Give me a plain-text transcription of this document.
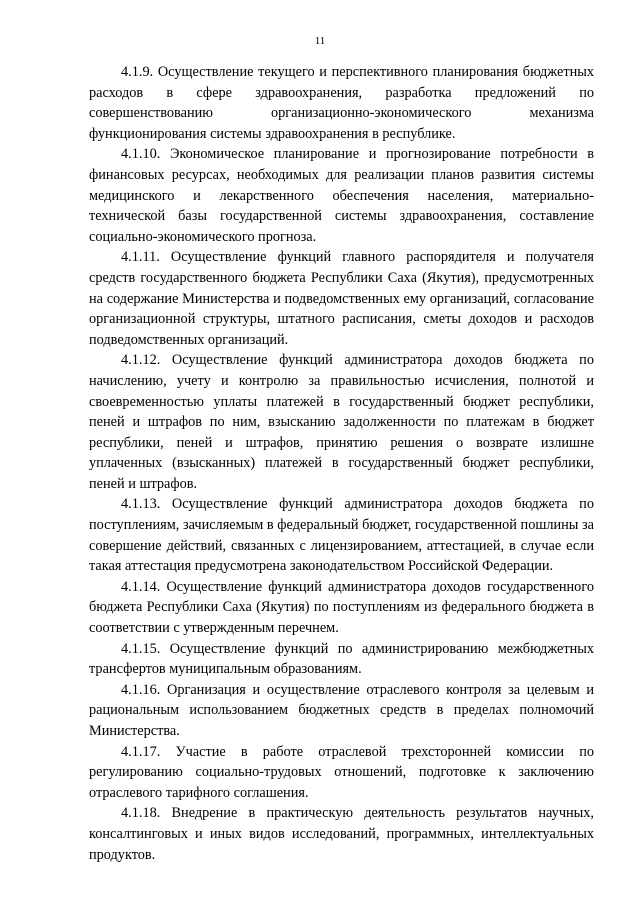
11

4.1.9. Осуществление текущего и перспективного планирования бюджетных расходов в сфере здравоохранения, разработка предложений по совершенствованию организационно-экономического механизма функционирования системы здравоохранения в республике.

4.1.10. Экономическое планирование и прогнозирование потребности в финансовых ресурсах, необходимых для реализации планов развития системы медицинского и лекарственного обеспечения населения, материально-технической базы государственной системы здравоохранения, составление социально-экономического прогноза.

4.1.11. Осуществление функций главного распорядителя и получателя средств государственного бюджета Республики Саха (Якутия), предусмотренных на содержание Министерства и подведомственных ему организаций, согласование организационной структуры, штатного расписания, сметы доходов и расходов подведомственных организаций.

4.1.12. Осуществление функций администратора доходов бюджета по начислению, учету и контролю за правильностью исчисления, полнотой и своевременностью уплаты платежей в государственный бюджет республики, пеней и штрафов по ним, взысканию задолженности по платежам в бюджет республики, пеней и штрафов, принятию решения о возврате излишне уплаченных (взысканных) платежей в государственный бюджет республики, пеней и штрафов.

4.1.13. Осуществление функций администратора доходов бюджета по поступлениям, зачисляемым в федеральный бюджет, государственной пошлины за совершение действий, связанных с лицензированием, аттестацией, в случае если такая аттестация предусмотрена законодательством Российской Федерации.

4.1.14. Осуществление функций администратора доходов государственного бюджета Республики Саха (Якутия) по поступлениям из федерального бюджета в соответствии с утвержденным перечнем.

4.1.15. Осуществление функций по администрированию межбюджетных трансфертов муниципальным образованиям.

4.1.16. Организация и осуществление отраслевого контроля за целевым и рациональным использованием бюджетных средств в пределах полномочий Министерства.

4.1.17. Участие в работе отраслевой трехсторонней комиссии по регулированию социально-трудовых отношений, подготовке к заключению отраслевого тарифного соглашения.

4.1.18. Внедрение в практическую деятельность результатов научных, консалтинговых и иных видов исследований, программных, интеллектуальных продуктов.
